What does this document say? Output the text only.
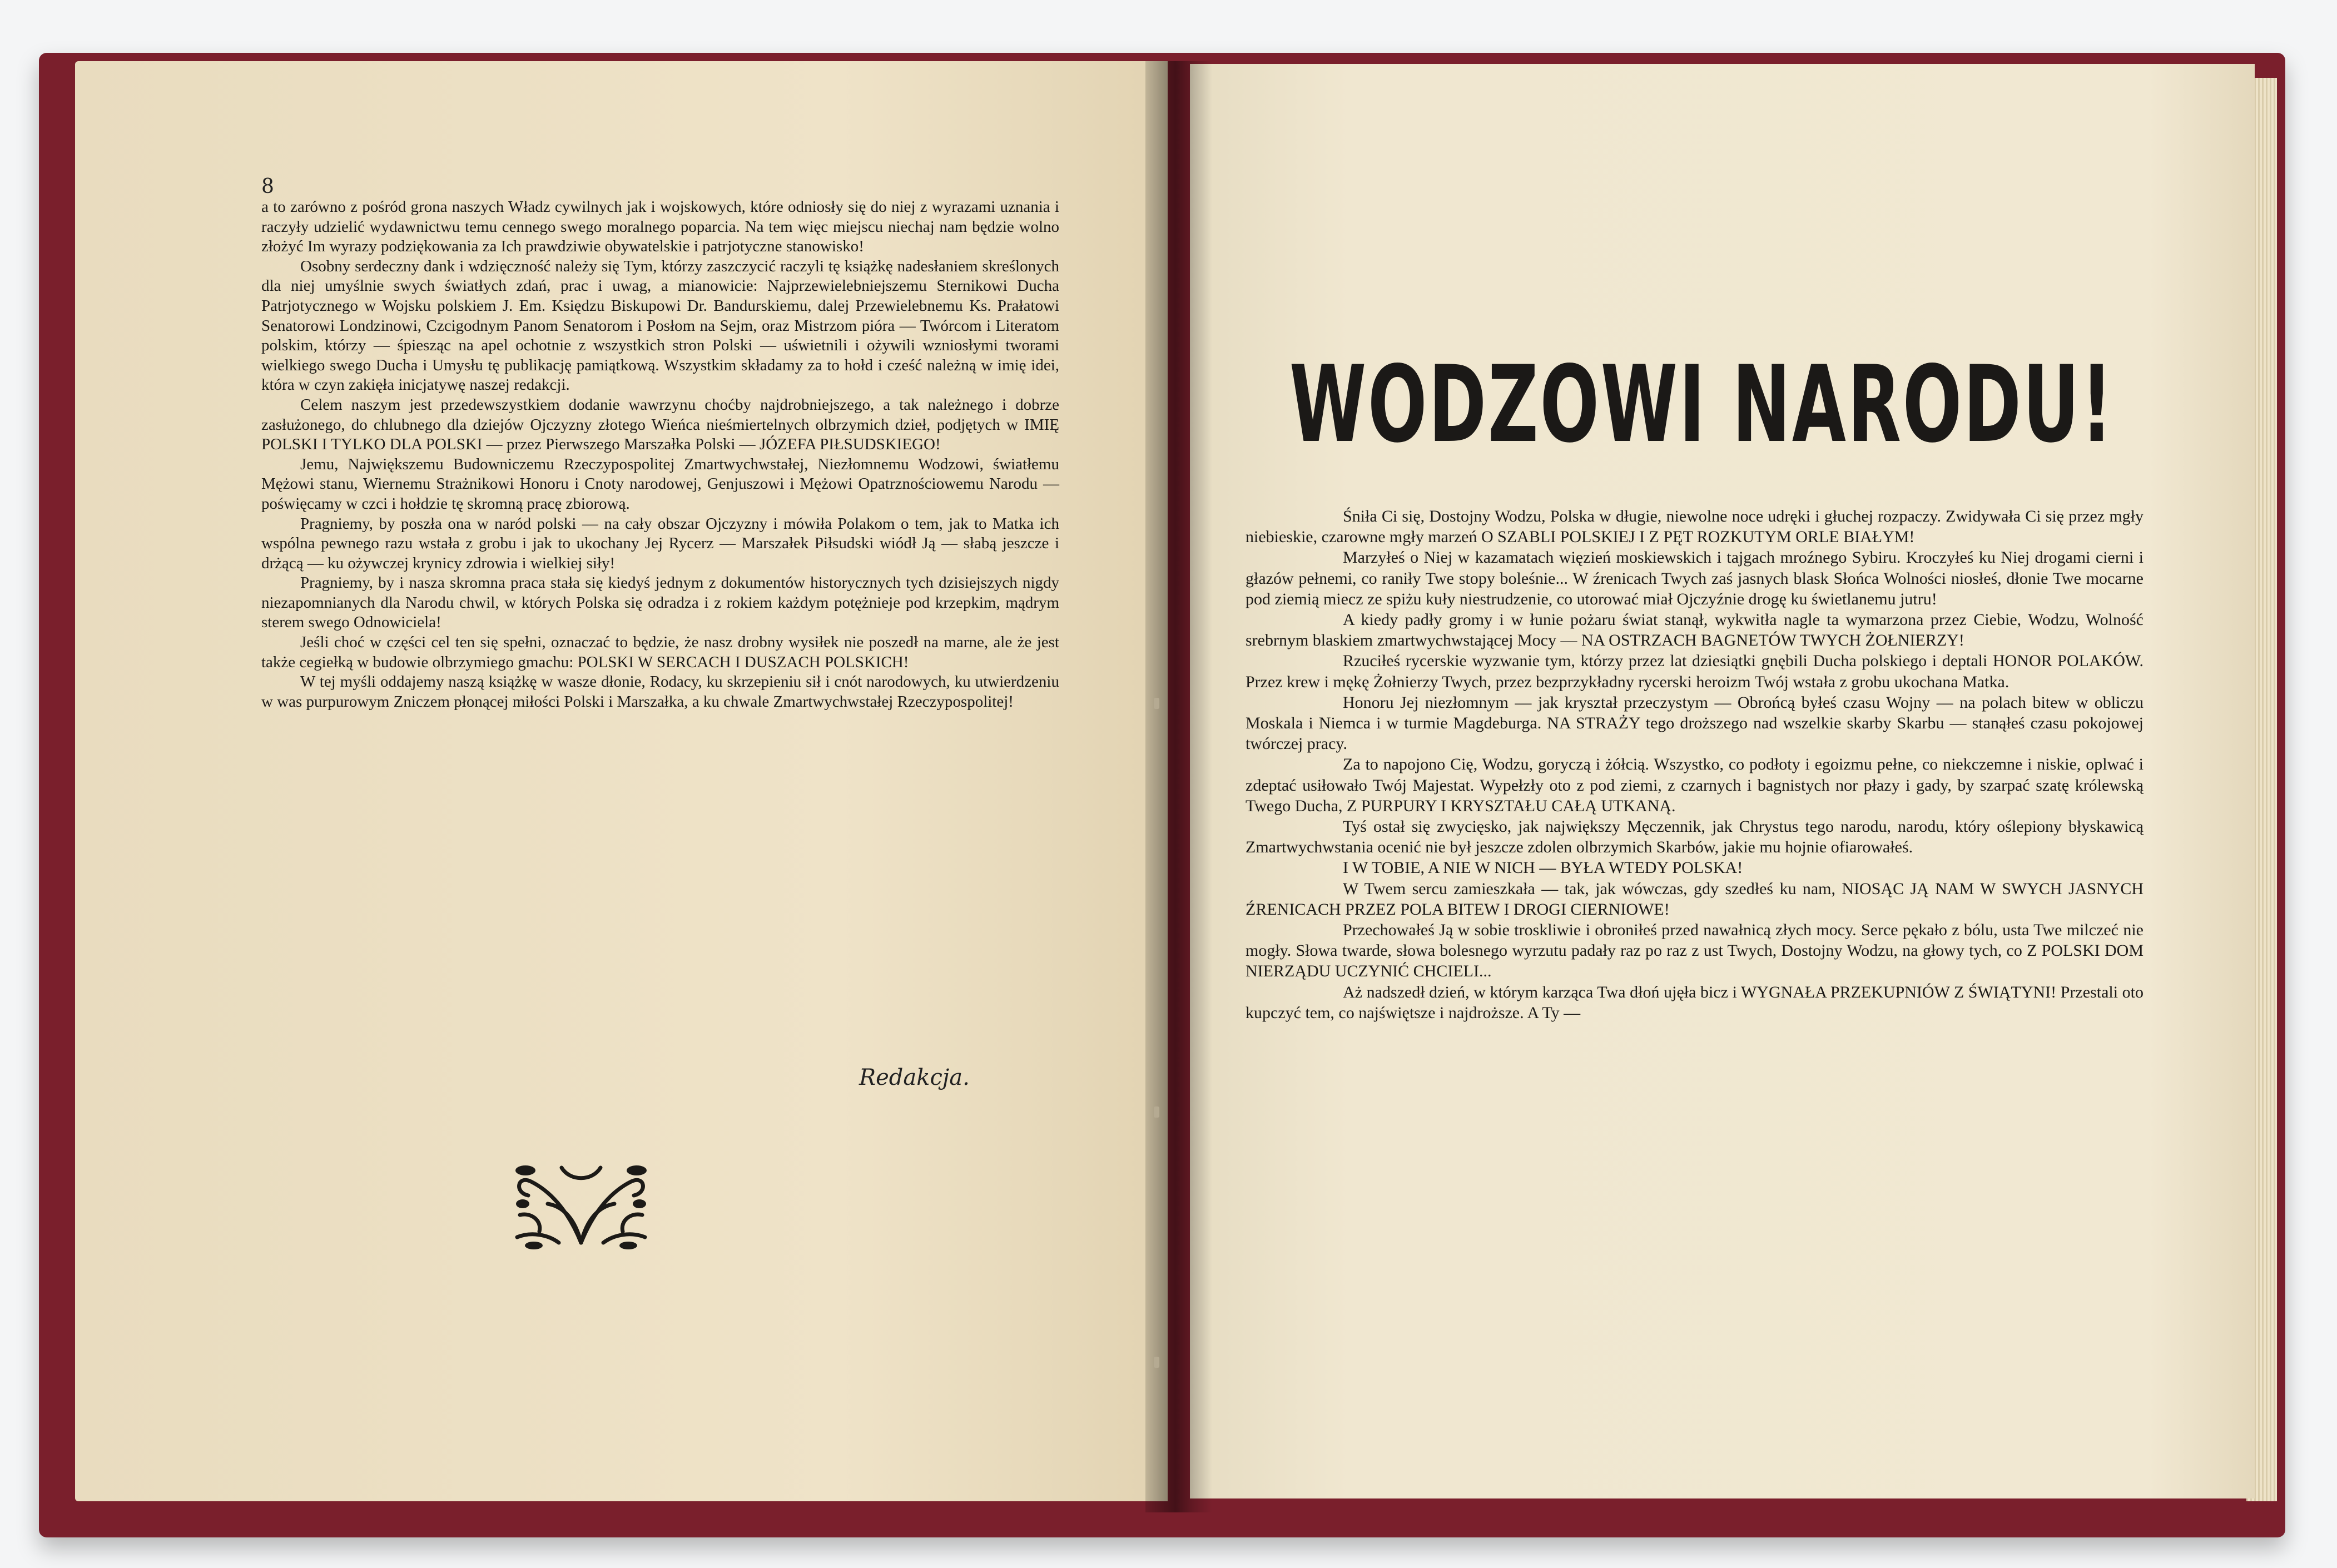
8

a to zarówno z pośród grona naszych Władz cywilnych jak i wojskowych, które odniosły się do niej z wyrazami uznania i raczyły udzielić wydawnictwu temu cennego swego moralnego poparcia. Na tem więc miejscu niechaj nam będzie wolno złożyć Im wyrazy podziękowania za Ich prawdziwie obywatelskie i patrjotyczne stanowisko!

Osobny serdeczny dank i wdzięczność należy się Tym, którzy zaszczycić raczyli tę książkę nadesłaniem skreślonych dla niej umyślnie swych światłych zdań, prac i uwag, a mianowicie: Najprzewielebniejszemu Sternikowi Ducha Patrjotycznego w Wojsku polskiem J. Em. Księdzu Biskupowi Dr. Bandurskiemu, dalej Przewielebnemu Ks. Prałatowi Senatorowi Londzinowi, Czcigodnym Panom Senatorom i Posłom na Sejm, oraz Mistrzom pióra — Twórcom i Literatom polskim, którzy — śpiesząc na apel ochotnie z wszystkich stron Polski — uświetnili i ożywili wzniosłymi tworami wielkiego swego Ducha i Umysłu tę publikację pamiątkową. Wszystkim składamy za to hołd i cześć należną w imię idei, która w czyn zakięła inicjatywę naszej redakcji.

Celem naszym jest przedewszystkiem dodanie wawrzynu choćby najdrobniejszego, a tak należnego i dobrze zasłużonego, do chlubnego dla dziejów Ojczyzny złotego Wieńca nieśmiertelnych olbrzymich dzieł, podjętych w IMIĘ POLSKI I TYLKO DLA POLSKI — przez Pierwszego Marszałka Polski — JÓZEFA PIŁSUDSKIEGO!

Jemu, Największemu Budowniczemu Rzeczypospolitej Zmartwychwstałej, Niezłomnemu Wodzowi, światłemu Mężowi stanu, Wiernemu Strażnikowi Honoru i Cnoty narodowej, Genjuszowi i Mężowi Opatrznościowemu Narodu — poświęcamy w czci i hołdzie tę skromną pracę zbiorową.

Pragniemy, by poszła ona w naród polski — na cały obszar Ojczyzny i mówiła Polakom o tem, jak to Matka ich wspólna pewnego razu wstała z grobu i jak to ukochany Jej Rycerz — Marszałek Piłsudski wiódł Ją — słabą jeszcze i drżącą — ku ożywczej krynicy zdrowia i wielkiej siły!

Pragniemy, by i nasza skromna praca stała się kiedyś jednym z dokumentów historycznych tych dzisiejszych nigdy niezapomnianych dla Narodu chwil, w których Polska się odradza i z rokiem każdym potężnieje pod krzepkim, mądrym sterem swego Odnowiciela!

Jeśli choć w części cel ten się spełni, oznaczać to będzie, że nasz drobny wysiłek nie poszedł na marne, ale że jest także cegiełką w budowie olbrzymiego gmachu: POLSKI W SERCACH I DUSZACH POLSKICH!

W tej myśli oddajemy naszą książkę w wasze dłonie, Rodacy, ku skrzepieniu sił i cnót narodowych, ku utwierdzeniu w was purpurowym Zniczem płonącej miłości Polski i Marszałka, a ku chwale Zmartwychwstałej Rzeczypospolitej!

Redakcja.
WODZOWI NARODU!

Śniła Ci się, Dostojny Wodzu, Polska w długie, niewolne noce udręki i głuchej rozpaczy. Zwidywała Ci się przez mgły niebieskie, czarowne mgły marzeń O SZABLI POLSKIEJ I Z PĘT ROZKUTYM ORLE BIAŁYM!

Marzyłeś o Niej w kazamatach więzień moskiewskich i tajgach mroźnego Sybiru. Kroczyłeś ku Niej drogami cierni i głazów pełnemi, co raniły Twe stopy boleśnie... W źrenicach Twych zaś jasnych blask Słońca Wolności niosłeś, dłonie Twe mocarne pod ziemią miecz ze spiżu kuły niestrudzenie, co utorować miał Ojczyźnie drogę ku świetlanemu jutru!

A kiedy padły gromy i w łunie pożaru świat stanął, wykwitła nagle ta wymarzona przez Ciebie, Wodzu, Wolność srebrnym blaskiem zmartwychwstającej Mocy — NA OSTRZACH BAGNETÓW TWYCH ŻOŁNIERZY!

Rzuciłeś rycerskie wyzwanie tym, którzy przez lat dziesiątki gnębili Ducha polskiego i deptali HONOR POLAKÓW. Przez krew i mękę Żołnierzy Twych, przez bezprzykładny rycerski heroizm Twój wstała z grobu ukochana Matka.

Honoru Jej niezłomnym — jak kryształ przeczystym — Obrońcą byłeś czasu Wojny — na polach bitew w obliczu Moskala i Niemca i w turmie Magdeburga. NA STRAŻY tego droższego nad wszelkie skarby Skarbu — stanąłeś czasu pokojowej twórczej pracy.

Za to napojono Cię, Wodzu, goryczą i żółcią. Wszystko, co podłoty i egoizmu pełne, co niekczemne i niskie, oplwać i zdeptać usiłowało Twój Majestat. Wypełzły oto z pod ziemi, z czarnych i bagnistych nor płazy i gady, by szarpać szatę królewską Twego Ducha, Z PURPURY I KRYSZTAŁU CAŁĄ UTKANĄ.

Tyś ostał się zwycięsko, jak największy Męczennik, jak Chrystus tego narodu, narodu, który oślepiony błyskawicą Zmartwychwstania ocenić nie był jeszcze zdolen olbrzymich Skarbów, jakie mu hojnie ofiarowałeś.

I W TOBIE, A NIE W NICH — BYŁA WTEDY POLSKA!

W Twem sercu zamieszkała — tak, jak wówczas, gdy szedłeś ku nam, NIOSĄC JĄ NAM W SWYCH JASNYCH ŹRENICACH PRZEZ POLA BITEW I DROGI CIERNIOWE!

Przechowałeś Ją w sobie troskliwie i obroniłeś przed nawałnicą złych mocy. Serce pękało z bólu, usta Twe milczeć nie mogły. Słowa twarde, słowa bolesnego wyrzutu padały raz po raz z ust Twych, Dostojny Wodzu, na głowy tych, co Z POLSKI DOM NIERZĄDU UCZYNIĆ CHCIELI...

Aż nadszedł dzień, w którym karząca Twa dłoń ujęła bicz i WYGNAŁA PRZEKUPNIÓW Z ŚWIĄTYNI! Przestali oto kupczyć tem, co najświętsze i najdroższe. A Ty —
